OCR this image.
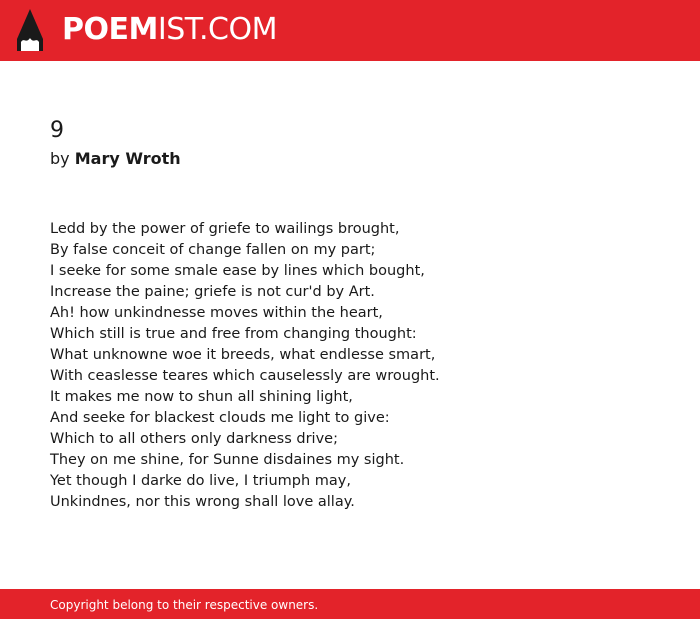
POEMIST.COM
9
by Mary Wroth
Ledd by the power of griefe to wailings brought,
By false conceit of change fallen on my part;
I seeke for some smale ease by lines which bought,
Increase the paine; griefe is not cur'd by Art.
Ah! how unkindnesse moves within the heart,
Which still is true and free from changing thought:
What unknowne woe it breeds, what endlesse smart,
With ceaslesse teares which causelessly are wrought.
It makes me now to shun all shining light,
And seeke for blackest clouds me light to give:
Which to all others only darkness drive;
They on me shine, for Sunne disdaines my sight.
Yet though I darke do live, I triumph may,
Unkindnes, nor this wrong shall love allay.
Copyright belong to their respective owners.
